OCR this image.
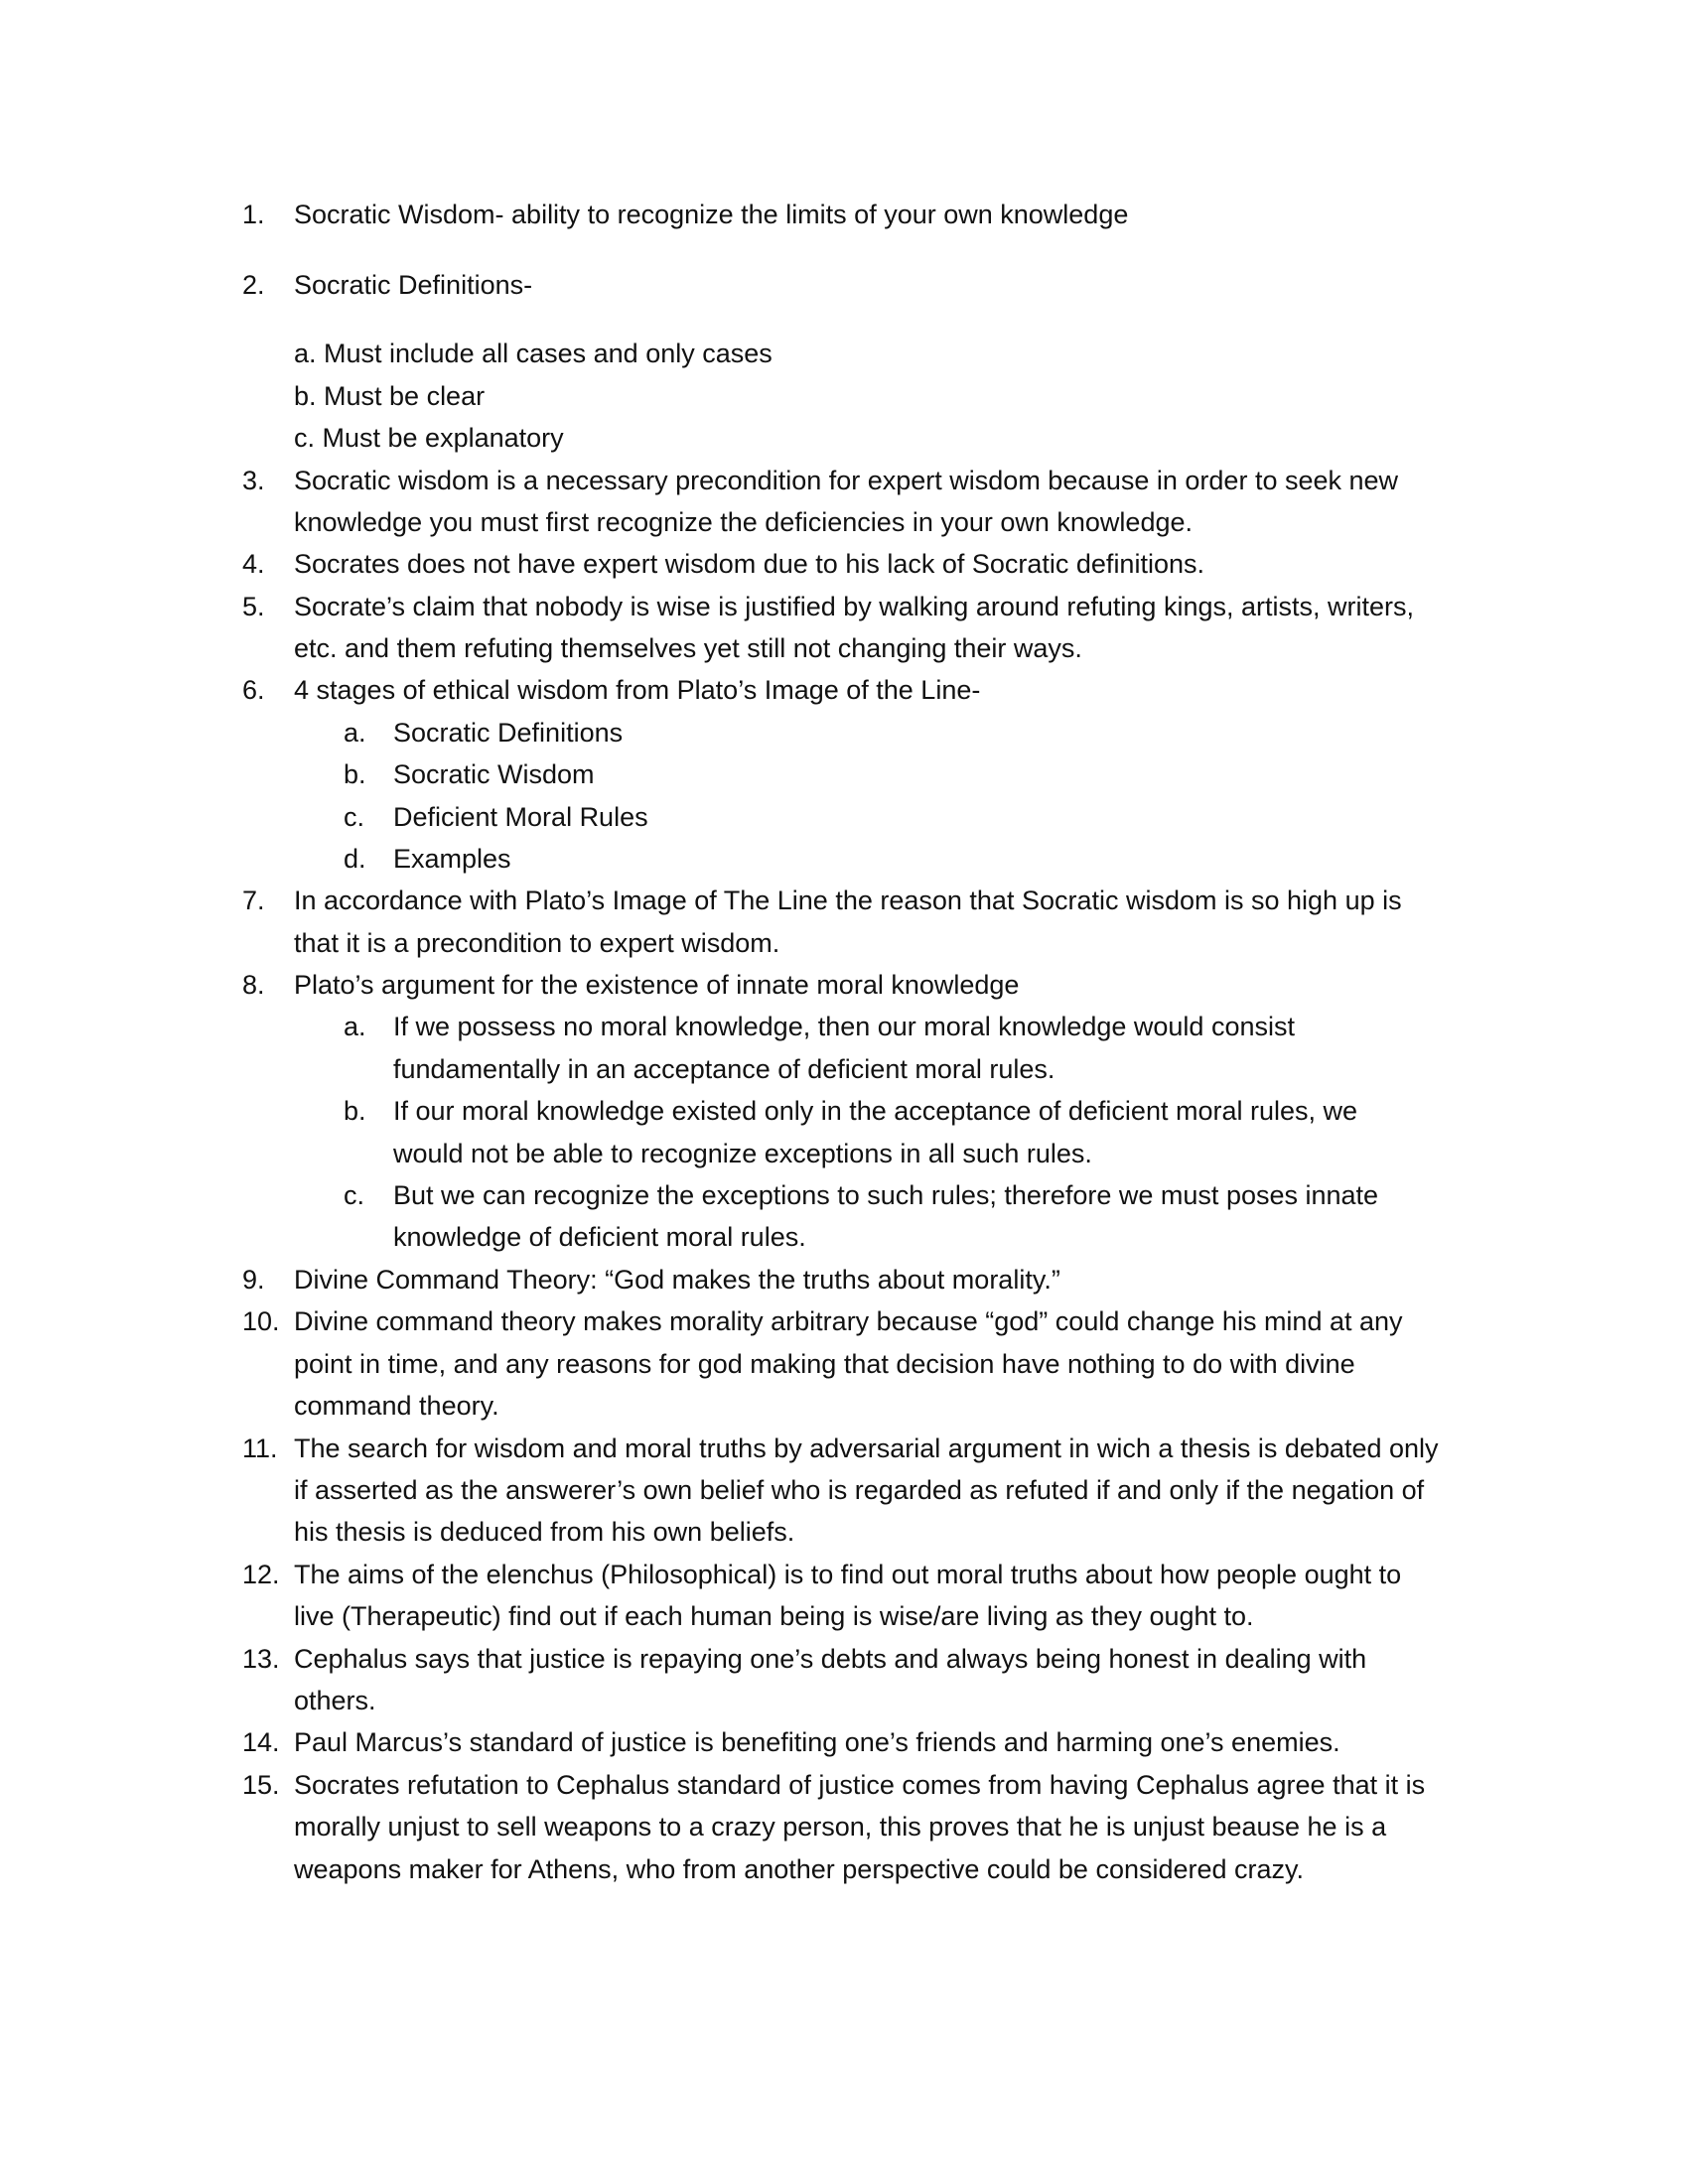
1. Socratic Wisdom- ability to recognize the limits of your own knowledge
2. Socratic Definitions-
a. Must include all cases and only cases
b. Must be clear
c. Must be explanatory
3. Socratic wisdom is a necessary precondition for expert wisdom because in order to seek new
knowledge you must first recognize the deficiencies in your own knowledge.
4. Socrates does not have expert wisdom due to his lack of Socratic definitions.
5. Socrate’s claim that nobody is wise is justified by walking around refuting kings, artists, writers,
etc. and them refuting themselves yet still not changing their ways.
6. 4 stages of ethical wisdom from Plato’s Image of the Line-
a. Socratic Definitions
b. Socratic Wisdom
c. Deficient Moral Rules
d. Examples
7. In accordance with Plato’s Image of The Line the reason that Socratic wisdom is so high up is
that it is a precondition to expert wisdom.
8. Plato’s argument for the existence of innate moral knowledge
a. If we possess no moral knowledge, then our moral knowledge would consist
fundamentally in an acceptance of deficient moral rules.
b. If our moral knowledge existed only in the acceptance of deficient moral rules, we
would not be able to recognize exceptions in all such rules.
c. But we can recognize the exceptions to such rules; therefore we must poses innate
knowledge of deficient moral rules.
9. Divine Command Theory: “God makes the truths about morality.”
10. Divine command theory makes morality arbitrary because “god” could change his mind at any
point in time, and any reasons for god making that decision have nothing to do with divine
command theory.
11. The search for wisdom and moral truths by adversarial argument in wich a thesis is debated only
if asserted as the answerer’s own belief who is regarded as refuted if and only if the negation of
his thesis is deduced from his own beliefs.
12. The aims of the elenchus (Philosophical) is to find out moral truths about how people ought to
live (Therapeutic) find out if each human being is wise/are living as they ought to.
13. Cephalus says that justice is repaying one’s debts and always being honest in dealing with
others.
14. Paul Marcus’s standard of justice is benefiting one’s friends and harming one’s enemies.
15. Socrates refutation to Cephalus standard of justice comes from having Cephalus agree that it is
morally unjust to sell weapons to a crazy person, this proves that he is unjust beause he is a
weapons maker for Athens, who from another perspective could be considered crazy.
